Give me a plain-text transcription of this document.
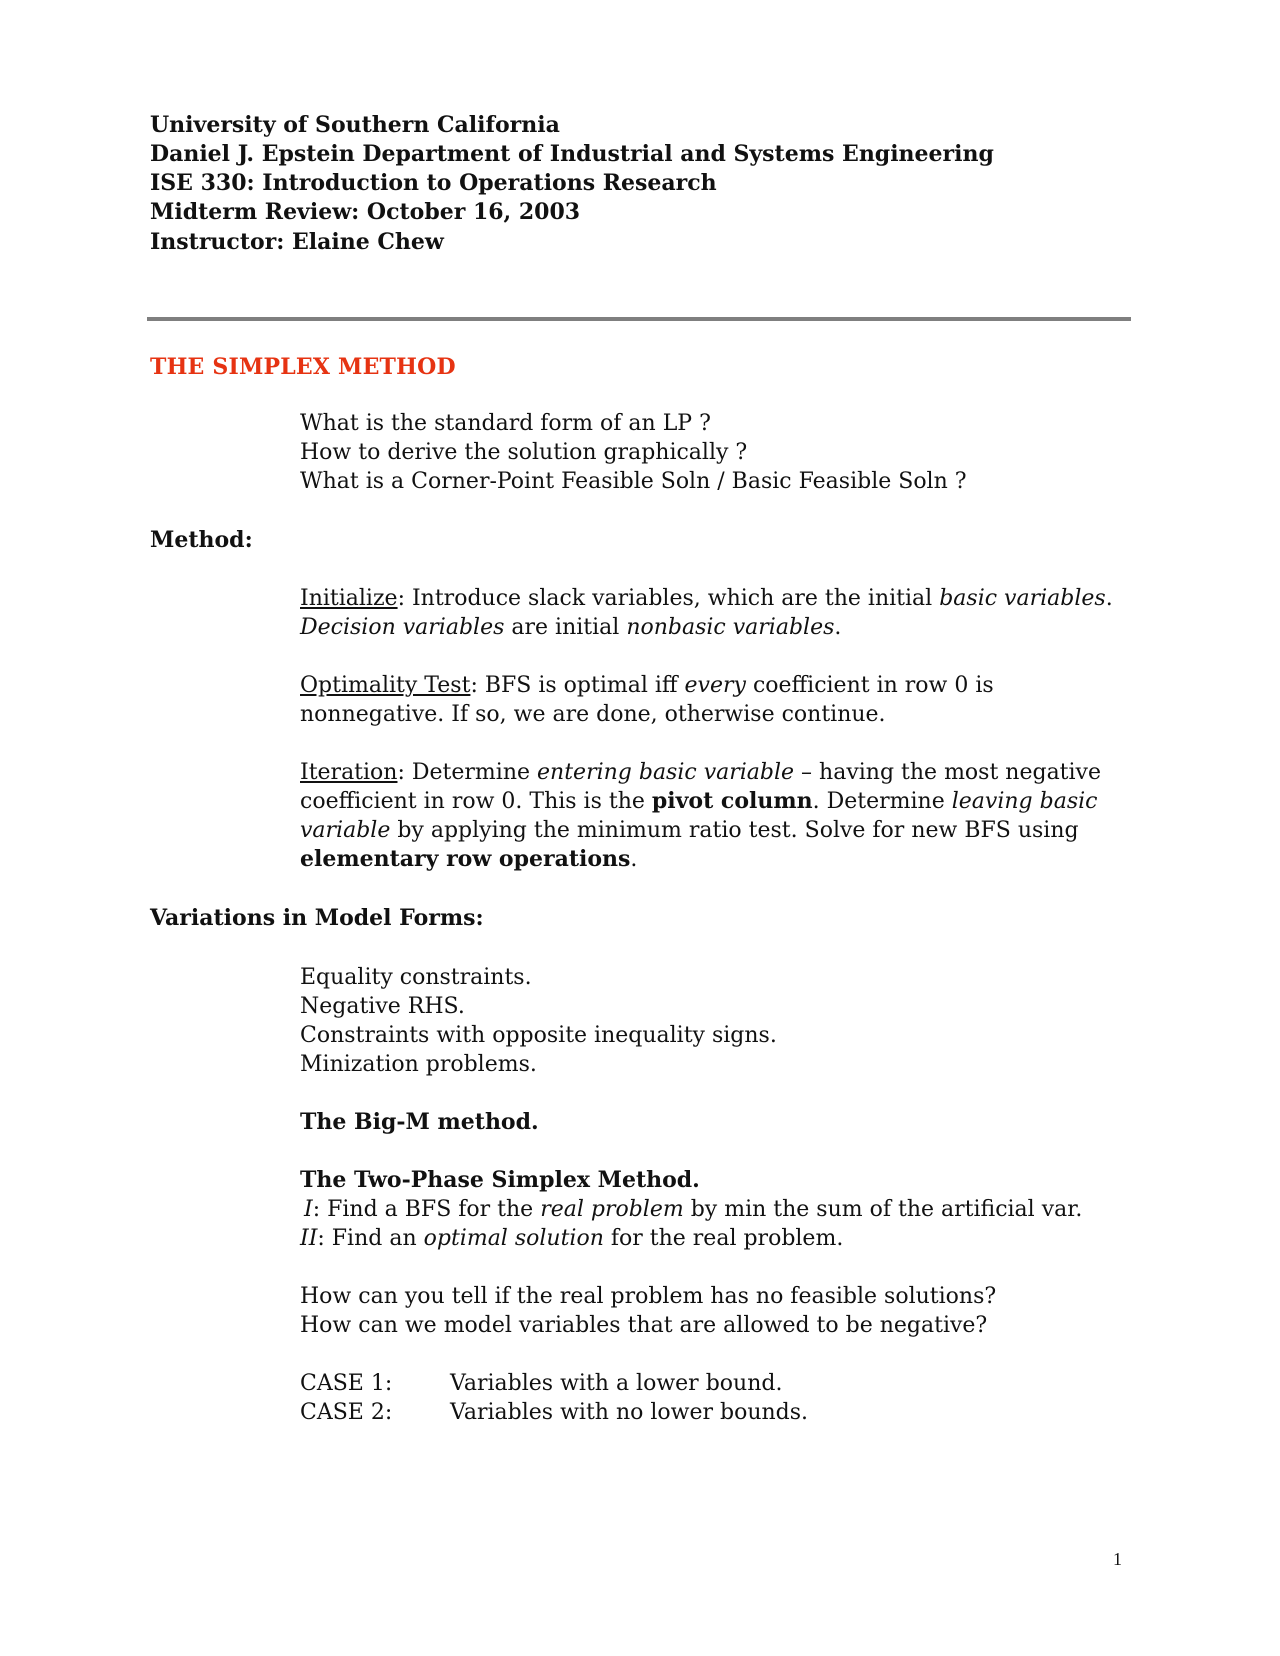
University of Southern California
Daniel J. Epstein Department of Industrial and Systems Engineering
ISE 330: Introduction to Operations Research
Midterm Review: October 16, 2003
Instructor: Elaine Chew
THE SIMPLEX METHOD
What is the standard form of an LP ?
How to derive the solution graphically ?
What is a Corner-Point Feasible Soln / Basic Feasible Soln ?
Method:
Initialize: Introduce slack variables, which are the initial basic variables.
Decision variables are initial nonbasic variables.
Optimality Test: BFS is optimal iff every coefficient in row 0 is
nonnegative. If so, we are done, otherwise continue.
Iteration: Determine entering basic variable – having the most negative
coefficient in row 0. This is the pivot column. Determine leaving basic
variable by applying the minimum ratio test. Solve for new BFS using
elementary row operations.
Variations in Model Forms:
Equality constraints.
Negative RHS.
Constraints with opposite inequality signs.
Minization problems.
The Big-M method.
The Two-Phase Simplex Method.
I: Find a BFS for the real problem by min the sum of the artificial var.
II: Find an optimal solution for the real problem.
How can you tell if the real problem has no feasible solutions?
How can we model variables that are allowed to be negative?
CASE 1:	Variables with a lower bound.
CASE 2:	Variables with no lower bounds.
1
